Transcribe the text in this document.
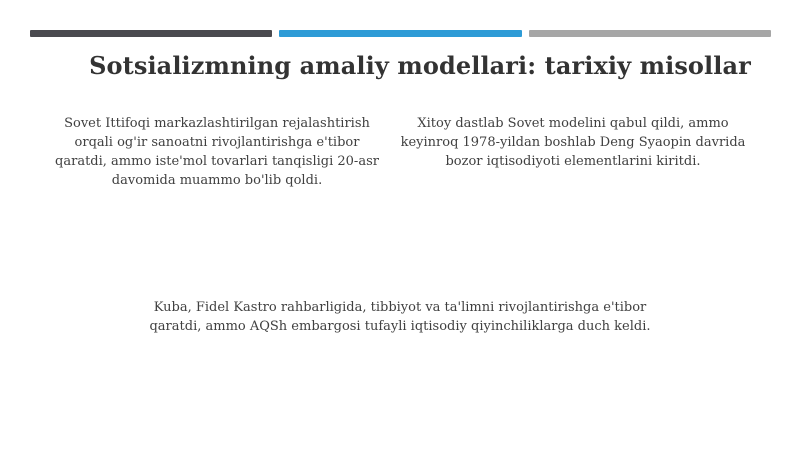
Sotsializmning amaliy modellari: tarixiy misollar
Sovet Ittifoqi markazlashtirilgan rejalashtirish orqali og'ir sanoatni rivojlantirishga e'tibor qaratdi, ammo iste'mol tovarlari tanqisligi 20-asr davomida muammo bo'lib qoldi.
Xitoy dastlab Sovet modelini qabul qildi, ammo keyinroq 1978-yildan boshlab Deng Syaopin davrida bozor iqtisodiyoti elementlarini kiritdi.
Kuba, Fidel Kastro rahbarligida, tibbiyot va ta'limni rivojlantirishga e'tibor qaratdi, ammo AQSh embargosi tufayli iqtisodiy qiyinchiliklarga duch keldi.
